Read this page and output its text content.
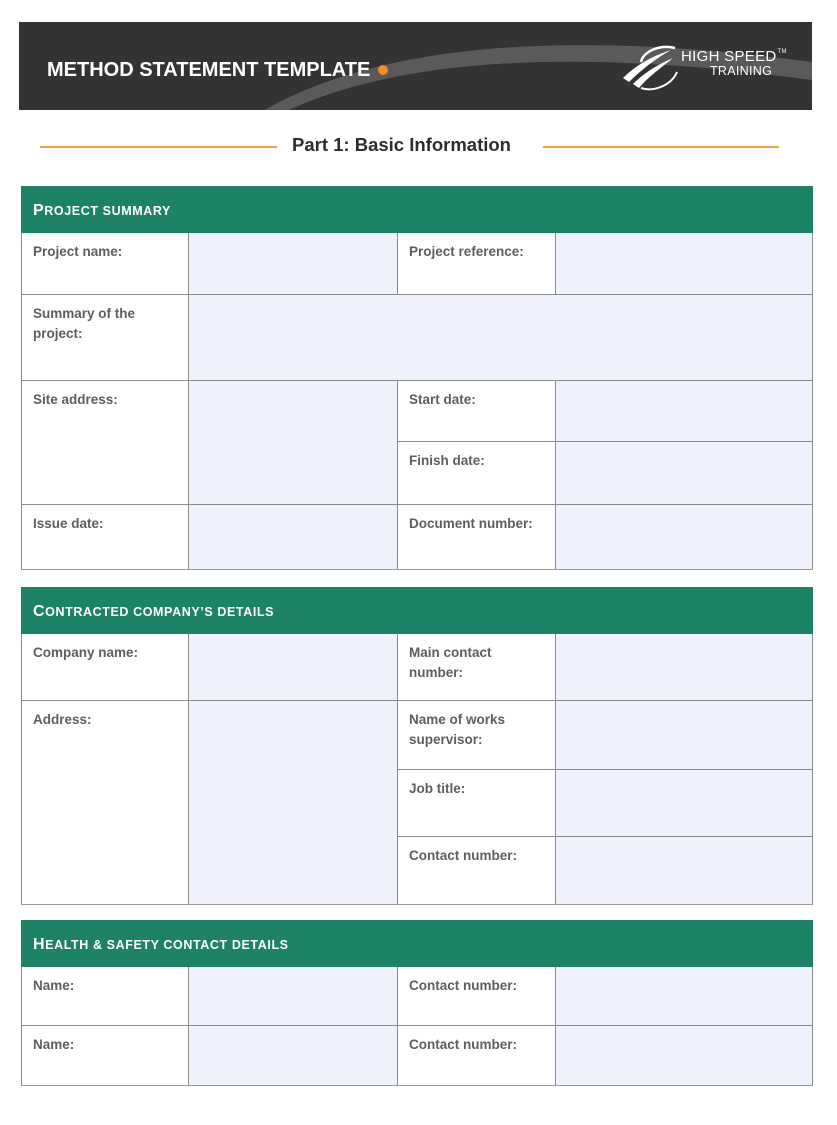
METHOD STATEMENT TEMPLATE
HIGH SPEED™
TRAINING
Part 1: Basic Information
PROJECT SUMMARY
Project name:	Project reference:
Summary of the project:
Site address:	Start date:
Finish date:
Issue date:	Document number:
CONTRACTED COMPANY’S DETAILS
Company name:	Main contact number:
Address:	Name of works supervisor:
Job title:
Contact number:
HEALTH & SAFETY CONTACT DETAILS
Name:	Contact number:
Name:	Contact number:
